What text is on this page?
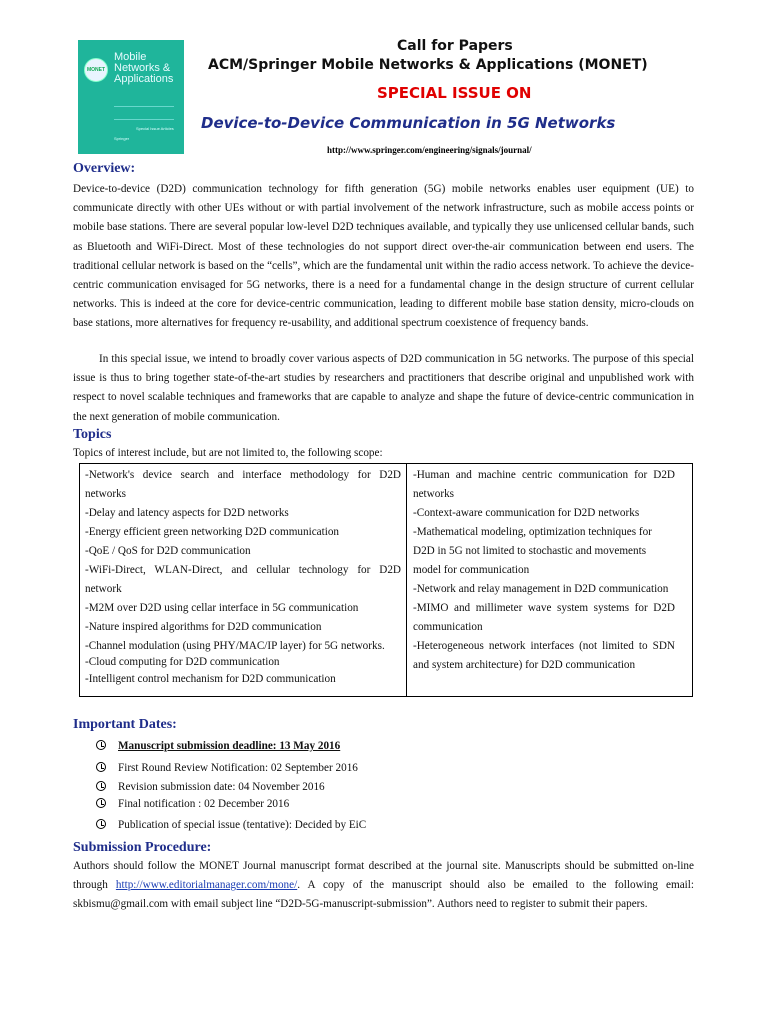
MONET
Mobile Networks & Applications
Special Issue Articles
Springer
Call for Papers
ACM/Springer Mobile Networks & Applications (MONET)
SPECIAL ISSUE ON
Device-to-Device Communication in 5G Networks
http://www.springer.com/engineering/signals/journal/
Overview:

Device-to-device (D2D) communication technology for fifth generation (5G) mobile networks enables user equipment (UE) to communicate directly with other UEs without or with partial involvement of the network infrastructure, such as mobile access points or mobile base stations. There are several popular low-level D2D techniques available, and typically they use unlicensed cellular bands, such as Bluetooth and WiFi-Direct. Most of these technologies do not support direct over-the-air communication between end users. The traditional cellular network is based on the “cells”, which are the fundamental unit within the radio access network. To achieve the device-centric communication envisaged for 5G networks, there is a need for a fundamental change in the design structure of current cellular networks. This is indeed at the core for device-centric communication, leading to different mobile base station density, micro-clouds on base stations, more alternatives for frequency re-usability, and additional spectrum coexistence of frequency bands.

In this special issue, we intend to broadly cover various aspects of D2D communication in 5G networks. The purpose of this special issue is thus to bring together state-of-the-art studies by researchers and practitioners that describe original and unpublished work with respect to novel scalable techniques and frameworks that are capable to analyze and shape the future of device-centric communication in the next generation of mobile communication.

Topics
Topics of interest include, but are not limited to, the following scope:
-Network's device search and interface methodology for D2D networks
-Delay and latency aspects for D2D networks
-Energy efficient green networking D2D communication
-QoE / QoS for D2D communication
-WiFi-Direct, WLAN-Direct, and cellular technology for D2D network
-M2M over D2D using cellar interface in 5G communication
-Nature inspired algorithms for D2D communication
-Channel modulation (using PHY/MAC/IP layer) for 5G networks.
-Cloud computing for D2D communication
-Intelligent control mechanism for D2D communication
-Human and machine centric communication for D2D networks
-Context-aware communication for D2D networks
-Mathematical modeling, optimization techniques for D2D in 5G not limited to stochastic and movements model for communication
-Network and relay management in D2D communication
-MIMO and millimeter wave system systems for D2D communication
-Heterogeneous network interfaces (not limited to SDN and system architecture) for D2D communication
Important Dates:
Manuscript submission deadline: 13 May 2016
First Round Review Notification: 02 September 2016
Revision submission date: 04 November 2016
Final notification : 02 December 2016
Publication of special issue (tentative): Decided by EiC
Submission Procedure:

Authors should follow the MONET Journal manuscript format described at the journal site. Manuscripts should be submitted on-line through http://www.editorialmanager.com/mone/. A copy of the manuscript should also be emailed to the following email: skbismu@gmail.com with email subject line “D2D-5G-manuscript-submission”. Authors need to register to submit their papers.
